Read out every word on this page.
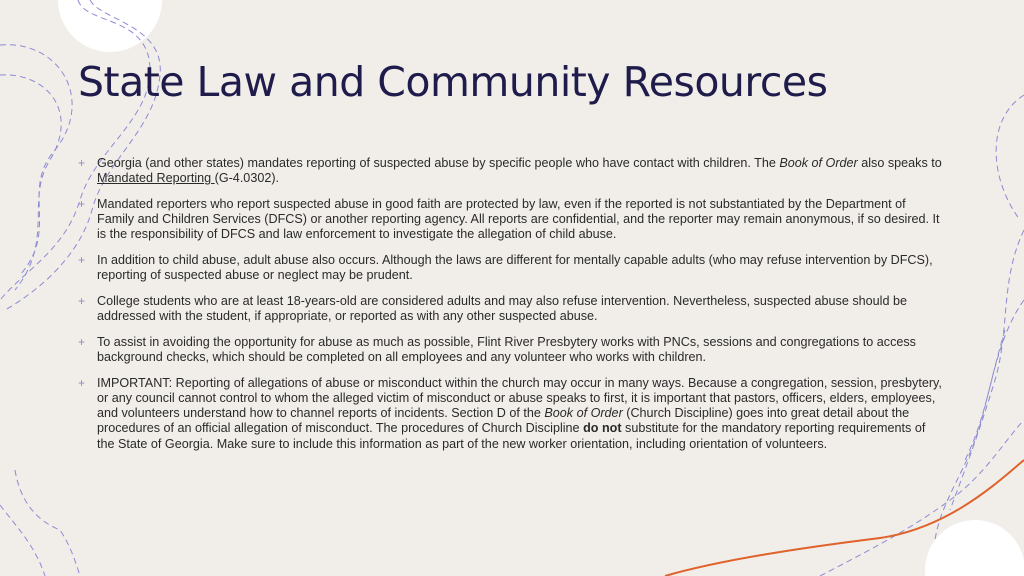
State Law and Community Resources
+ Georgia (and other states) mandates reporting of suspected abuse by specific people who have contact with children. The Book of Order also speaks to Mandated Reporting (G-4.0302).
+ Mandated reporters who report suspected abuse in good faith are protected by law, even if the reported is not substantiated by the Department of Family and Children Services (DFCS) or another reporting agency. All reports are confidential, and the reporter may remain anonymous, if so desired. It is the responsibility of DFCS and law enforcement to investigate the allegation of child abuse.
+ In addition to child abuse, adult abuse also occurs. Although the laws are different for mentally capable adults (who may refuse intervention by DFCS), reporting of suspected abuse or neglect may be prudent.
+ College students who are at least 18-years-old are considered adults and may also refuse intervention. Nevertheless, suspected abuse should be addressed with the student, if appropriate, or reported as with any other suspected abuse.
+ To assist in avoiding the opportunity for abuse as much as possible, Flint River Presbytery works with PNCs, sessions and congregations to access background checks, which should be completed on all employees and any volunteer who works with children.
+ IMPORTANT: Reporting of allegations of abuse or misconduct within the church may occur in many ways. Because a congregation, session, presbytery, or any council cannot control to whom the alleged victim of misconduct or abuse speaks to first, it is important that pastors, officers, elders, employees, and volunteers understand how to channel reports of incidents. Section D of the Book of Order (Church Discipline) goes into great detail about the procedures of an official allegation of misconduct. The procedures of Church Discipline do not substitute for the mandatory reporting requirements of the State of Georgia. Make sure to include this information as part of the new worker orientation, including orientation of volunteers.
